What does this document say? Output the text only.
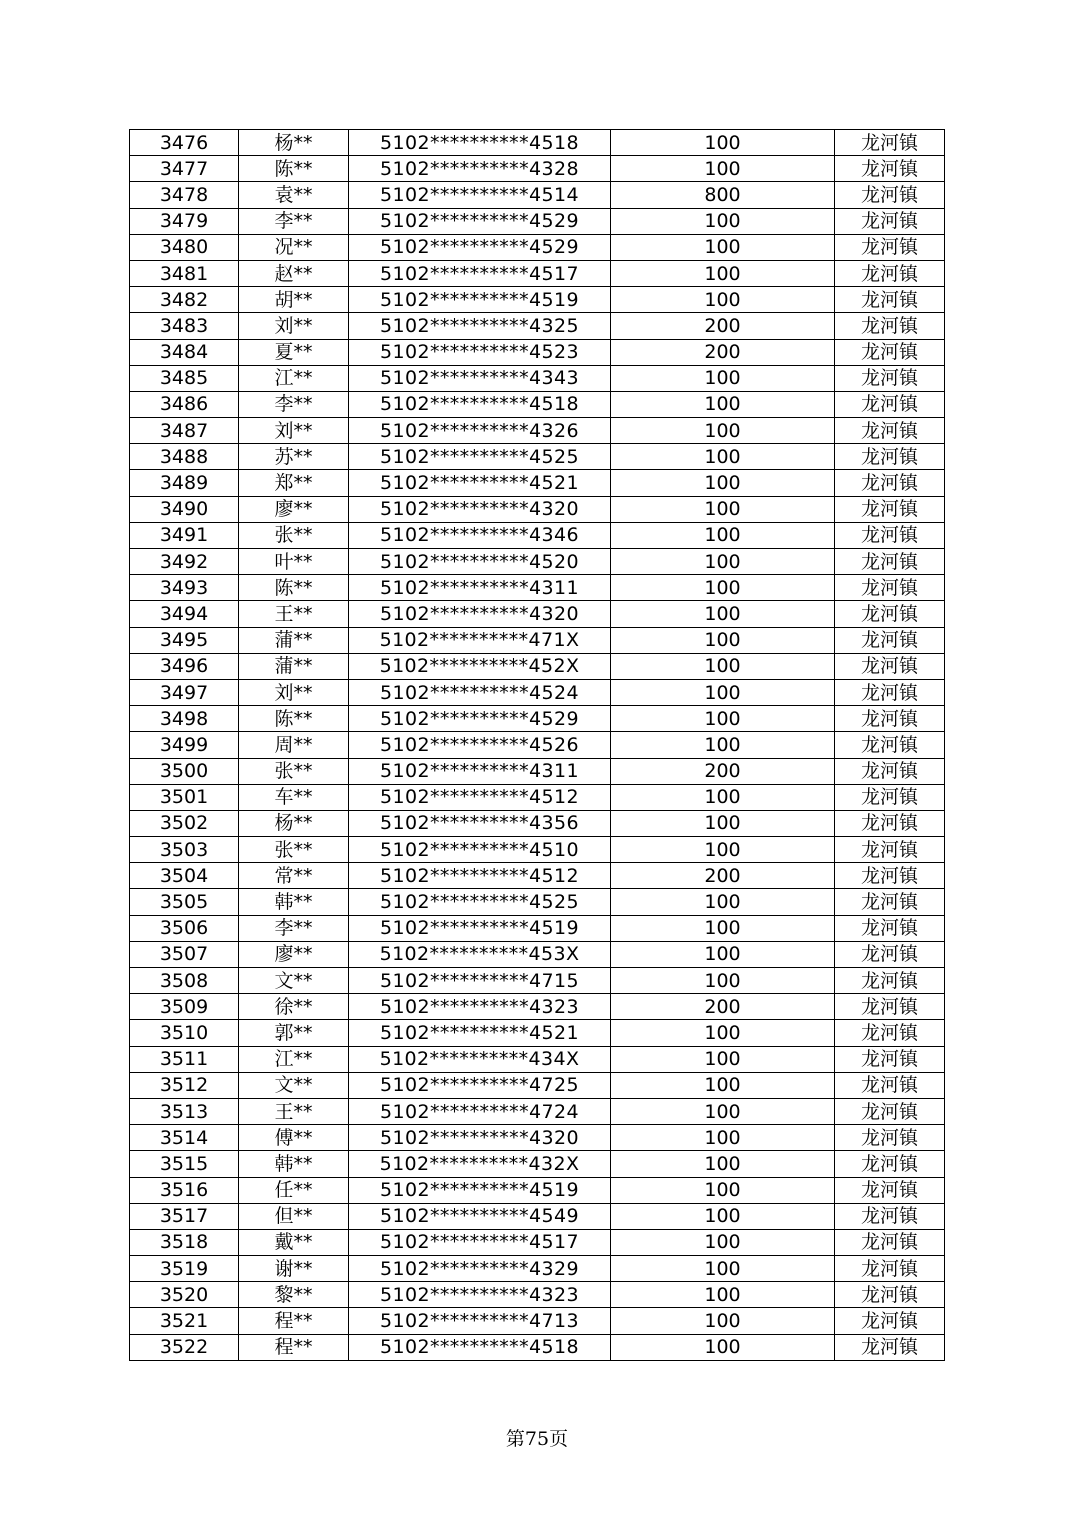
3476	杨**	5102**********4518	100	龙河镇
3477	陈**	5102**********4328	100	龙河镇
3478	袁**	5102**********4514	800	龙河镇
3479	李**	5102**********4529	100	龙河镇
3480	况**	5102**********4529	100	龙河镇
3481	赵**	5102**********4517	100	龙河镇
3482	胡**	5102**********4519	100	龙河镇
3483	刘**	5102**********4325	200	龙河镇
3484	夏**	5102**********4523	200	龙河镇
3485	江**	5102**********4343	100	龙河镇
3486	李**	5102**********4518	100	龙河镇
3487	刘**	5102**********4326	100	龙河镇
3488	苏**	5102**********4525	100	龙河镇
3489	郑**	5102**********4521	100	龙河镇
3490	廖**	5102**********4320	100	龙河镇
3491	张**	5102**********4346	100	龙河镇
3492	叶**	5102**********4520	100	龙河镇
3493	陈**	5102**********4311	100	龙河镇
3494	王**	5102**********4320	100	龙河镇
3495	蒲**	5102**********471X	100	龙河镇
3496	蒲**	5102**********452X	100	龙河镇
3497	刘**	5102**********4524	100	龙河镇
3498	陈**	5102**********4529	100	龙河镇
3499	周**	5102**********4526	100	龙河镇
3500	张**	5102**********4311	200	龙河镇
3501	车**	5102**********4512	100	龙河镇
3502	杨**	5102**********4356	100	龙河镇
3503	张**	5102**********4510	100	龙河镇
3504	常**	5102**********4512	200	龙河镇
3505	韩**	5102**********4525	100	龙河镇
3506	李**	5102**********4519	100	龙河镇
3507	廖**	5102**********453X	100	龙河镇
3508	文**	5102**********4715	100	龙河镇
3509	徐**	5102**********4323	200	龙河镇
3510	郭**	5102**********4521	100	龙河镇
3511	江**	5102**********434X	100	龙河镇
3512	文**	5102**********4725	100	龙河镇
3513	王**	5102**********4724	100	龙河镇
3514	傅**	5102**********4320	100	龙河镇
3515	韩**	5102**********432X	100	龙河镇
3516	任**	5102**********4519	100	龙河镇
3517	但**	5102**********4549	100	龙河镇
3518	戴**	5102**********4517	100	龙河镇
3519	谢**	5102**********4329	100	龙河镇
3520	黎**	5102**********4323	100	龙河镇
3521	程**	5102**********4713	100	龙河镇
3522	程**	5102**********4518	100	龙河镇
第75页
